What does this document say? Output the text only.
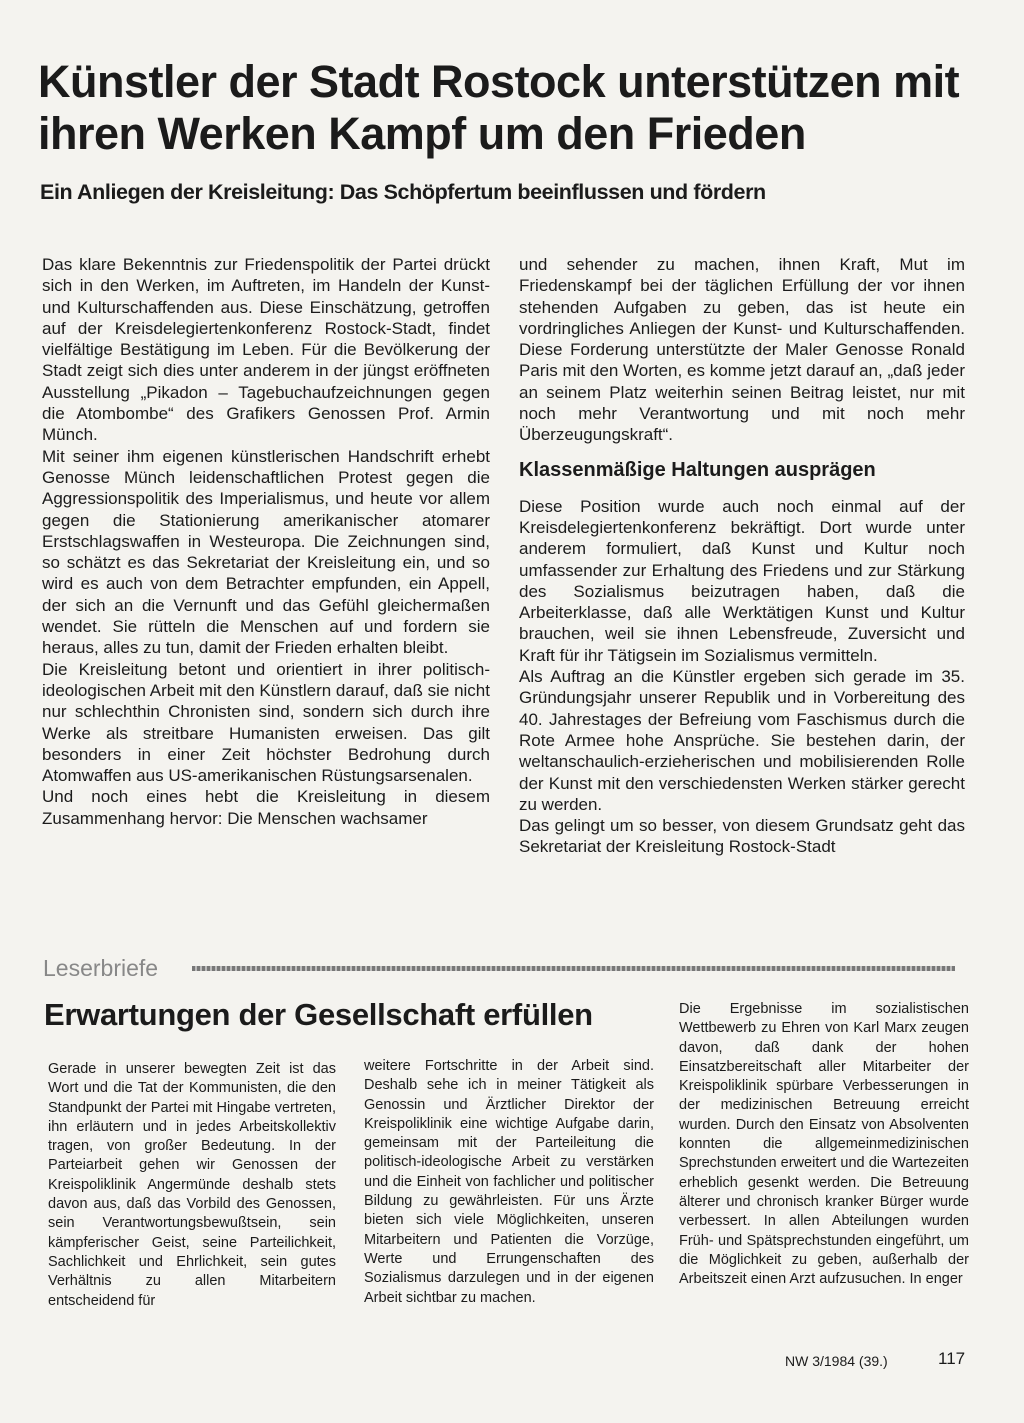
Künstler der Stadt Rostock unterstützen mit ihren Werken Kampf um den Frieden
Ein Anliegen der Kreisleitung: Das Schöpfertum beeinflussen und fördern

Das klare Bekenntnis zur Friedenspolitik der Partei drückt sich in den Werken, im Auftreten, im Handeln der Kunst- und Kulturschaffenden aus. Diese Einschätzung, getroffen auf der Kreisdelegiertenkonferenz Rostock-Stadt, findet vielfältige Bestätigung im Leben. Für die Bevölkerung der Stadt zeigt sich dies unter anderem in der jüngst eröffneten Ausstellung „Pikadon – Tagebuchaufzeichnungen gegen die Atombombe“ des Grafikers Genossen Prof. Armin Münch.

Mit seiner ihm eigenen künstlerischen Handschrift erhebt Genosse Münch leidenschaftlichen Protest gegen die Aggressionspolitik des Imperialismus, und heute vor allem gegen die Stationierung amerikanischer atomarer Erstschlagswaffen in Westeuropa. Die Zeichnungen sind, so schätzt es das Sekretariat der Kreisleitung ein, und so wird es auch von dem Betrachter empfunden, ein Appell, der sich an die Vernunft und das Gefühl gleichermaßen wendet. Sie rütteln die Menschen auf und fordern sie heraus, alles zu tun, damit der Frieden erhalten bleibt.

Die Kreisleitung betont und orientiert in ihrer politisch-ideologischen Arbeit mit den Künstlern darauf, daß sie nicht nur schlechthin Chronisten sind, sondern sich durch ihre Werke als streitbare Humanisten erweisen. Das gilt besonders in einer Zeit höchster Bedrohung durch Atomwaffen aus US-amerikanischen Rüstungsarsenalen.

Und noch eines hebt die Kreisleitung in diesem Zusammenhang hervor: Die Menschen wachsamer

und sehender zu machen, ihnen Kraft, Mut im Friedenskampf bei der täglichen Erfüllung der vor ihnen stehenden Aufgaben zu geben, das ist heute ein vordringliches Anliegen der Kunst- und Kulturschaffenden. Diese Forderung unterstützte der Maler Genosse Ronald Paris mit den Worten, es komme jetzt darauf an, „daß jeder an seinem Platz weiterhin seinen Beitrag leistet, nur mit noch mehr Verantwortung und mit noch mehr Überzeugungskraft“.

Klassenmäßige Haltungen ausprägen

Diese Position wurde auch noch einmal auf der Kreisdelegiertenkonferenz bekräftigt. Dort wurde unter anderem formuliert, daß Kunst und Kultur noch umfassender zur Erhaltung des Friedens und zur Stärkung des Sozialismus beizutragen haben, daß die Arbeiterklasse, daß alle Werktätigen Kunst und Kultur brauchen, weil sie ihnen Lebensfreude, Zuversicht und Kraft für ihr Tätigsein im Sozialismus vermitteln.

Als Auftrag an die Künstler ergeben sich gerade im 35. Gründungsjahr unserer Republik und in Vorbereitung des 40. Jahrestages der Befreiung vom Faschismus durch die Rote Armee hohe Ansprüche. Sie bestehen darin, der weltanschaulich-erzieherischen und mobilisierenden Rolle der Kunst mit den verschiedensten Werken stärker gerecht zu werden.

Das gelingt um so besser, von diesem Grundsatz geht das Sekretariat der Kreisleitung Rostock-Stadt

Leserbriefe
Erwartungen der Gesellschaft erfüllen

Gerade in unserer bewegten Zeit ist das Wort und die Tat der Kommunisten, die den Standpunkt der Partei mit Hingabe vertreten, ihn erläutern und in jedes Arbeitskollektiv tragen, von großer Bedeutung. In der Parteiarbeit gehen wir Genossen der Kreispoliklinik Angermünde deshalb stets davon aus, daß das Vorbild des Genossen, sein Verantwortungsbewußtsein, sein kämpferischer Geist, seine Parteilichkeit, Sachlichkeit und Ehrlichkeit, sein gutes Verhältnis zu allen Mitarbeitern entscheidend für

weitere Fortschritte in der Arbeit sind. Deshalb sehe ich in meiner Tätigkeit als Genossin und Ärztlicher Direktor der Kreispoliklinik eine wichtige Aufgabe darin, gemeinsam mit der Parteileitung die politisch-ideologische Arbeit zu verstärken und die Einheit von fachlicher und politischer Bildung zu gewährleisten. Für uns Ärzte bieten sich viele Möglichkeiten, unseren Mitarbeitern und Patienten die Vorzüge, Werte und Errungenschaften des Sozialismus darzulegen und in der eigenen Arbeit sichtbar zu machen.

Die Ergebnisse im sozialistischen Wettbewerb zu Ehren von Karl Marx zeugen davon, daß dank der hohen Einsatzbereitschaft aller Mitarbeiter der Kreispoliklinik spürbare Verbesserungen in der medizinischen Betreuung erreicht wurden. Durch den Einsatz von Absolventen konnten die allgemeinmedizinischen Sprechstunden erweitert und die Wartezeiten erheblich gesenkt werden. Die Betreuung älterer und chronisch kranker Bürger wurde verbessert. In allen Abteilungen wurden Früh- und Spätsprechstunden eingeführt, um die Möglichkeit zu geben, außerhalb der Arbeitszeit einen Arzt aufzusuchen. In enger

NW 3/1984 (39.)	117
